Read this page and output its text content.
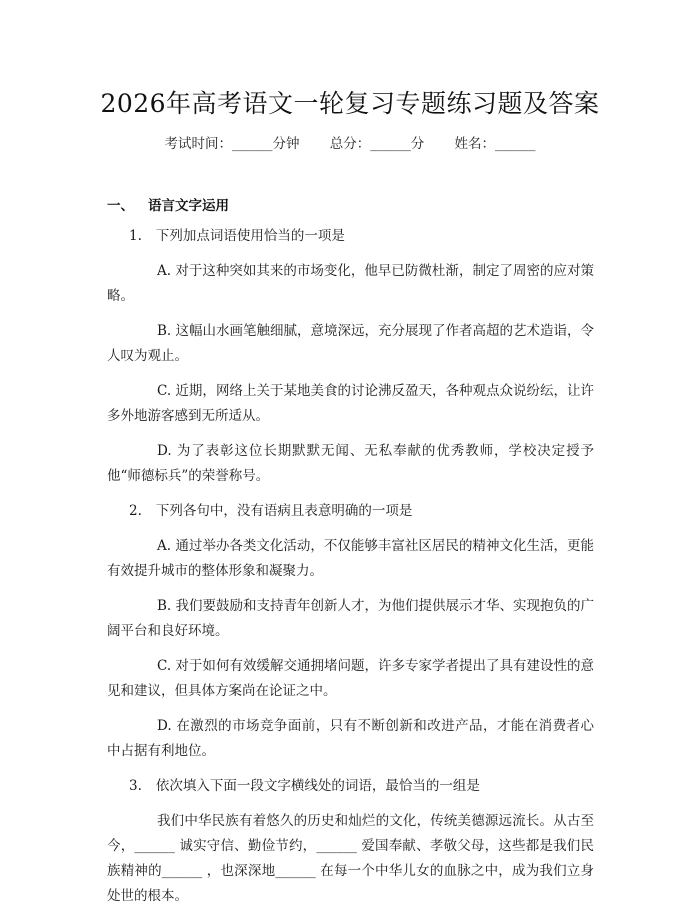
2026年高考语文一轮复习专题练习题及答案
考试时间：______分钟 总分：______分 姓名：______
一、 语言文字运用
1. 下列加点词语使用恰当的一项是
A. 对于这种突如其来的市场变化，他早已防微杜渐，制定了周密的应对策略。
B. 这幅山水画笔触细腻，意境深远，充分展现了作者高超的艺术造诣，令人叹为观止。
C. 近期，网络上关于某地美食的讨论沸反盈天，各种观点众说纷纭，让许多外地游客感到无所适从。
D. 为了表彰这位长期默默无闻、无私奉献的优秀教师，学校决定授予他“师德标兵”的荣誉称号。
2. 下列各句中，没有语病且表意明确的一项是
A. 通过举办各类文化活动，不仅能够丰富社区居民的精神文化生活，更能有效提升城市的整体形象和凝聚力。
B. 我们要鼓励和支持青年创新人才，为他们提供展示才华、实现抱负的广阔平台和良好环境。
C. 对于如何有效缓解交通拥堵问题，许多专家学者提出了具有建设性的意见和建议，但具体方案尚在论证之中。
D. 在激烈的市场竞争面前，只有不断创新和改进产品，才能在消费者心中占据有利地位。
3. 依次填入下面一段文字横线处的词语，最恰当的一组是
我们中华民族有着悠久的历史和灿烂的文化，传统美德源远流长。从古至今，______ 诚实守信、勤俭节约，______ 爱国奉献、孝敬父母，这些都是我们民族精神的______ ，也深深地______ 在每一个中华儿女的血脉之中，成为我们立身处世的根本。
